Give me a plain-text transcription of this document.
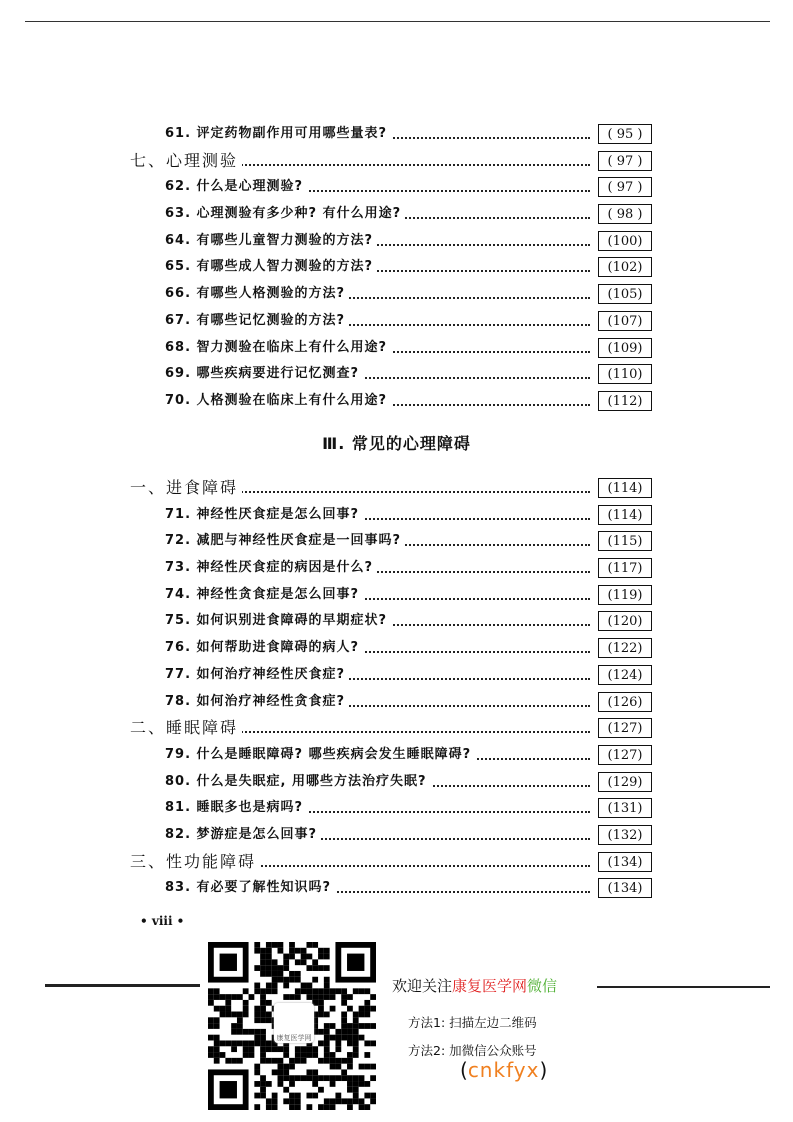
61. 评定药物副作用可用哪些量表?	( 95 )
七、心理测验	( 97 )
62. 什么是心理测验?	( 97 )
63. 心理测验有多少种? 有什么用途?	( 98 )
64. 有哪些儿童智力测验的方法?	(100)
65. 有哪些成人智力测验的方法?	(102)
66. 有哪些人格测验的方法?	(105)
67. 有哪些记忆测验的方法?	(107)
68. 智力测验在临床上有什么用途?	(109)
69. 哪些疾病要进行记忆测查?	(110)
70. 人格测验在临床上有什么用途?	(112)
Ⅲ. 常见的心理障碍
一、进食障碍	(114)
71. 神经性厌食症是怎么回事?	(114)
72. 减肥与神经性厌食症是一回事吗?	(115)
73. 神经性厌食症的病因是什么?	(117)
74. 神经性贪食症是怎么回事?	(119)
75. 如何识别进食障碍的早期症状?	(120)
76. 如何帮助进食障碍的病人?	(122)
77. 如何治疗神经性厌食症?	(124)
78. 如何治疗神经性贪食症?	(126)
二、睡眠障碍	(127)
79. 什么是睡眠障碍? 哪些疾病会发生睡眠障碍?	(127)
80. 什么是失眠症, 用哪些方法治疗失眠?	(129)
81. 睡眠多也是病吗?	(131)
82. 梦游症是怎么回事?	(132)
三、性功能障碍	(134)
83. 有必要了解性知识吗?	(134)
• viii •
康复医学网
欢迎关注康复医学网微信
方法1: 扫描左边二维码
方法2: 加微信公众账号
(cnkfyx)
